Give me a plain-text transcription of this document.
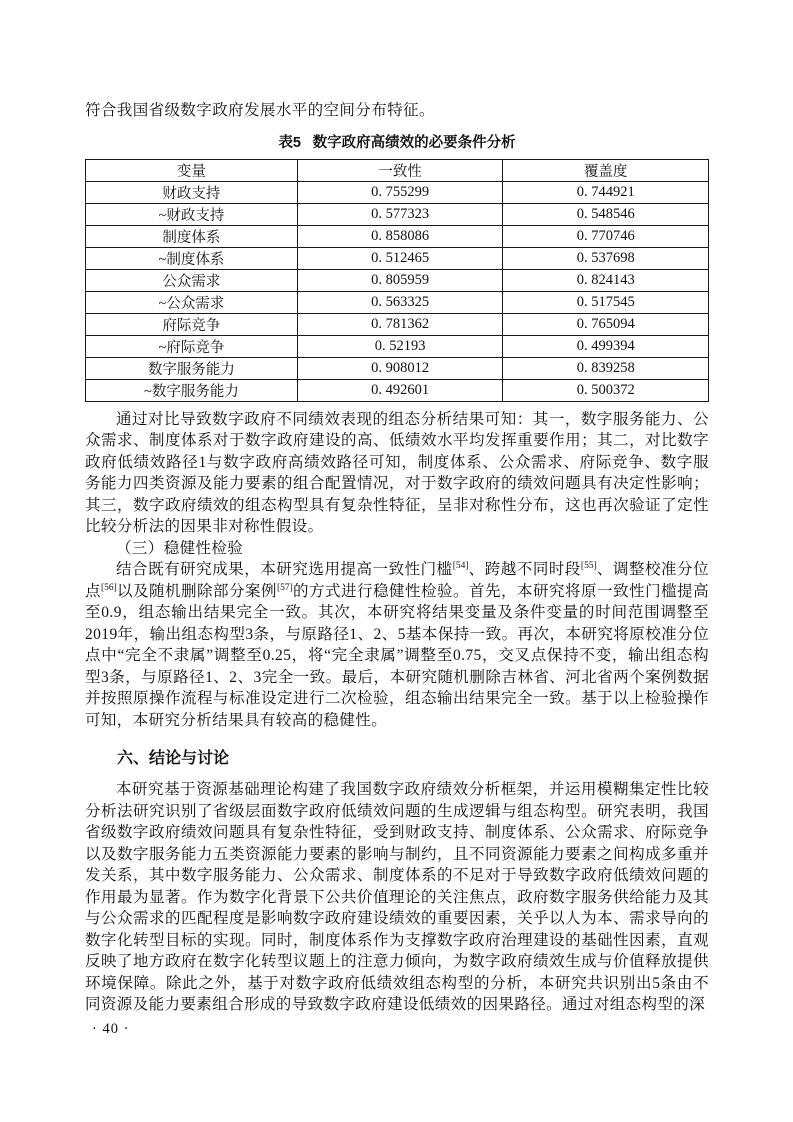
符合我国省级数字政府发展水平的空间分布特征。

表5 数字政府高绩效的必要条件分析
变量	一致性	覆盖度
财政支持	0. 755299	0. 744921
~财政支持	0. 577323	0. 548546
制度体系	0. 858086	0. 770746
~制度体系	0. 512465	0. 537698
公众需求	0. 805959	0. 824143
~公众需求	0. 563325	0. 517545
府际竞争	0. 781362	0. 765094
~府际竞争	0. 52193	0. 499394
数字服务能力	0. 908012	0. 839258
~数字服务能力	0. 492601	0. 500372

通过对比导致数字政府不同绩效表现的组态分析结果可知：其一，数字服务能力、公众需求、制度体系对于数字政府建设的高、低绩效水平均发挥重要作用；其二，对比数字政府低绩效路径1与数字政府高绩效路径可知，制度体系、公众需求、府际竞争、数字服务能力四类资源及能力要素的组合配置情况，对于数字政府的绩效问题具有决定性影响；其三，数字政府绩效的组态构型具有复杂性特征，呈非对称性分布，这也再次验证了定性比较分析法的因果非对称性假设。

（三）稳健性检验

结合既有研究成果，本研究选用提高一致性门槛[54]、跨越不同时段[55]、调整校准分位点[56]以及随机删除部分案例[57]的方式进行稳健性检验。首先，本研究将原一致性门槛提高至0.9，组态输出结果完全一致。其次，本研究将结果变量及条件变量的时间范围调整至2019年，输出组态构型3条，与原路径1、2、5基本保持一致。再次，本研究将原校准分位点中“完全不隶属”调整至0.25，将“完全隶属”调整至0.75，交叉点保持不变，输出组态构型3条，与原路径1、2、3完全一致。最后，本研究随机删除吉林省、河北省两个案例数据并按照原操作流程与标准设定进行二次检验，组态输出结果完全一致。基于以上检验操作可知，本研究分析结果具有较高的稳健性。

六、结论与讨论

本研究基于资源基础理论构建了我国数字政府绩效分析框架，并运用模糊集定性比较分析法研究识别了省级层面数字政府低绩效问题的生成逻辑与组态构型。研究表明，我国省级数字政府绩效问题具有复杂性特征，受到财政支持、制度体系、公众需求、府际竞争以及数字服务能力五类资源能力要素的影响与制约，且不同资源能力要素之间构成多重并发关系，其中数字服务能力、公众需求、制度体系的不足对于导致数字政府低绩效问题的作用最为显著。作为数字化背景下公共价值理论的关注焦点，政府数字服务供给能力及其与公众需求的匹配程度是影响数字政府建设绩效的重要因素，关乎以人为本、需求导向的数字化转型目标的实现。同时，制度体系作为支撑数字政府治理建设的基础性因素，直观反映了地方政府在数字化转型议题上的注意力倾向，为数字政府绩效生成与价值释放提供环境保障。除此之外，基于对数字政府低绩效组态构型的分析，本研究共识别出5条由不同资源及能力要素组合形成的导致数字政府建设低绩效的因果路径。通过对组态构型的深

· 40 ·
